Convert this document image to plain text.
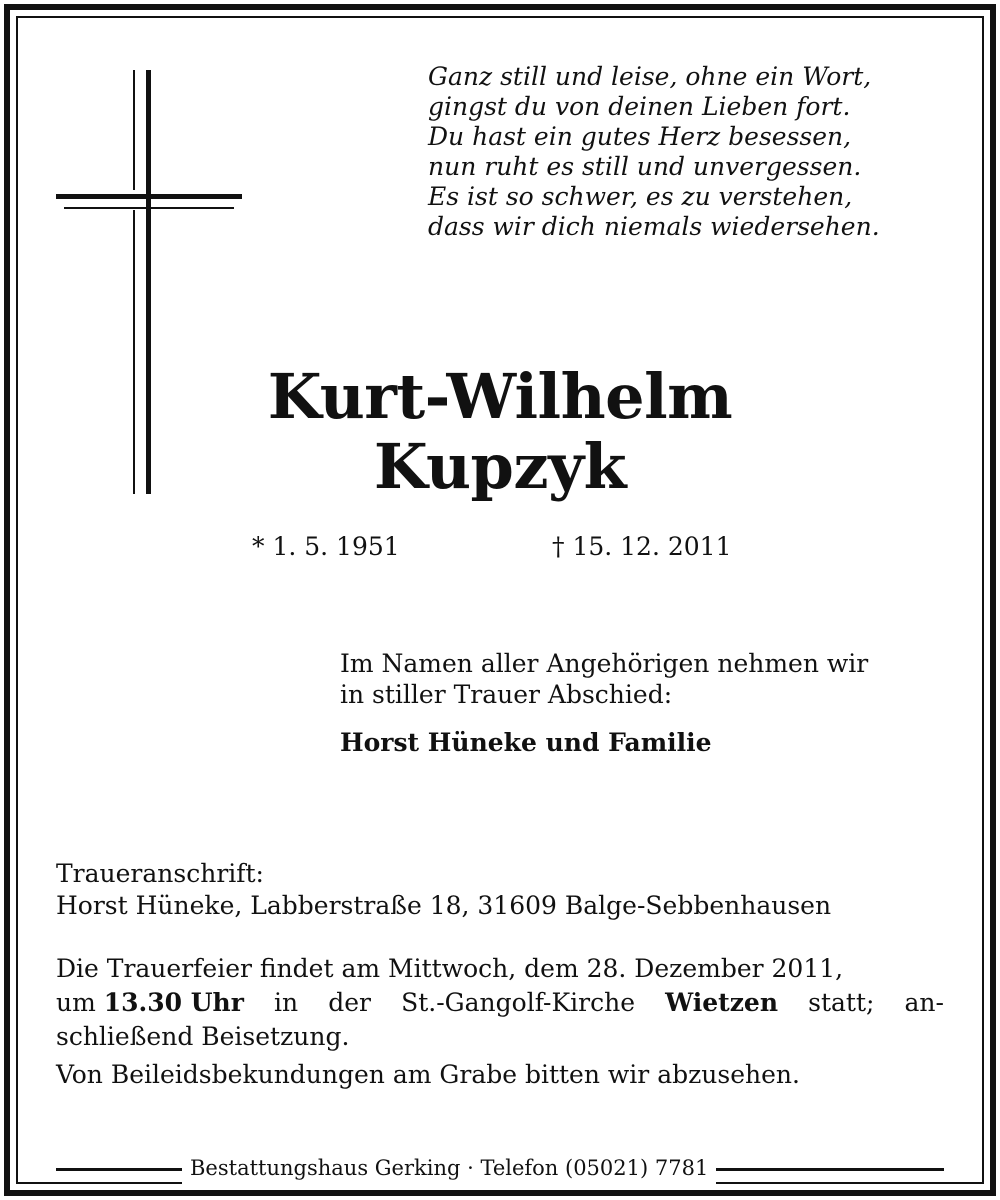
Ganz still und leise, ohne ein Wort,
gingst du von deinen Lieben fort.
Du hast ein gutes Herz besessen,
nun ruht es still und unvergessen.
Es ist so schwer, es zu verstehen,
dass wir dich niemals wiedersehen.
Kurt-Wilhelm
Kupzyk
* 1. 5. 1951	† 15. 12. 2011
Im Namen aller Angehörigen nehmen wir
in stiller Trauer Abschied:
Horst Hüneke und Familie
Traueranschrift:
Horst Hüneke, Labberstraße 18, 31609 Balge-Sebbenhausen
Die Trauerfeier findet am Mittwoch, dem 28. Dezember 2011,
um 13.30 Uhr in der St.-Gangolf-Kirche Wietzen statt; an-
schließend Beisetzung.
Von Beileidsbekundungen am Grabe bitten wir abzusehen.
Bestattungshaus Gerking · Telefon (05021) 7781
